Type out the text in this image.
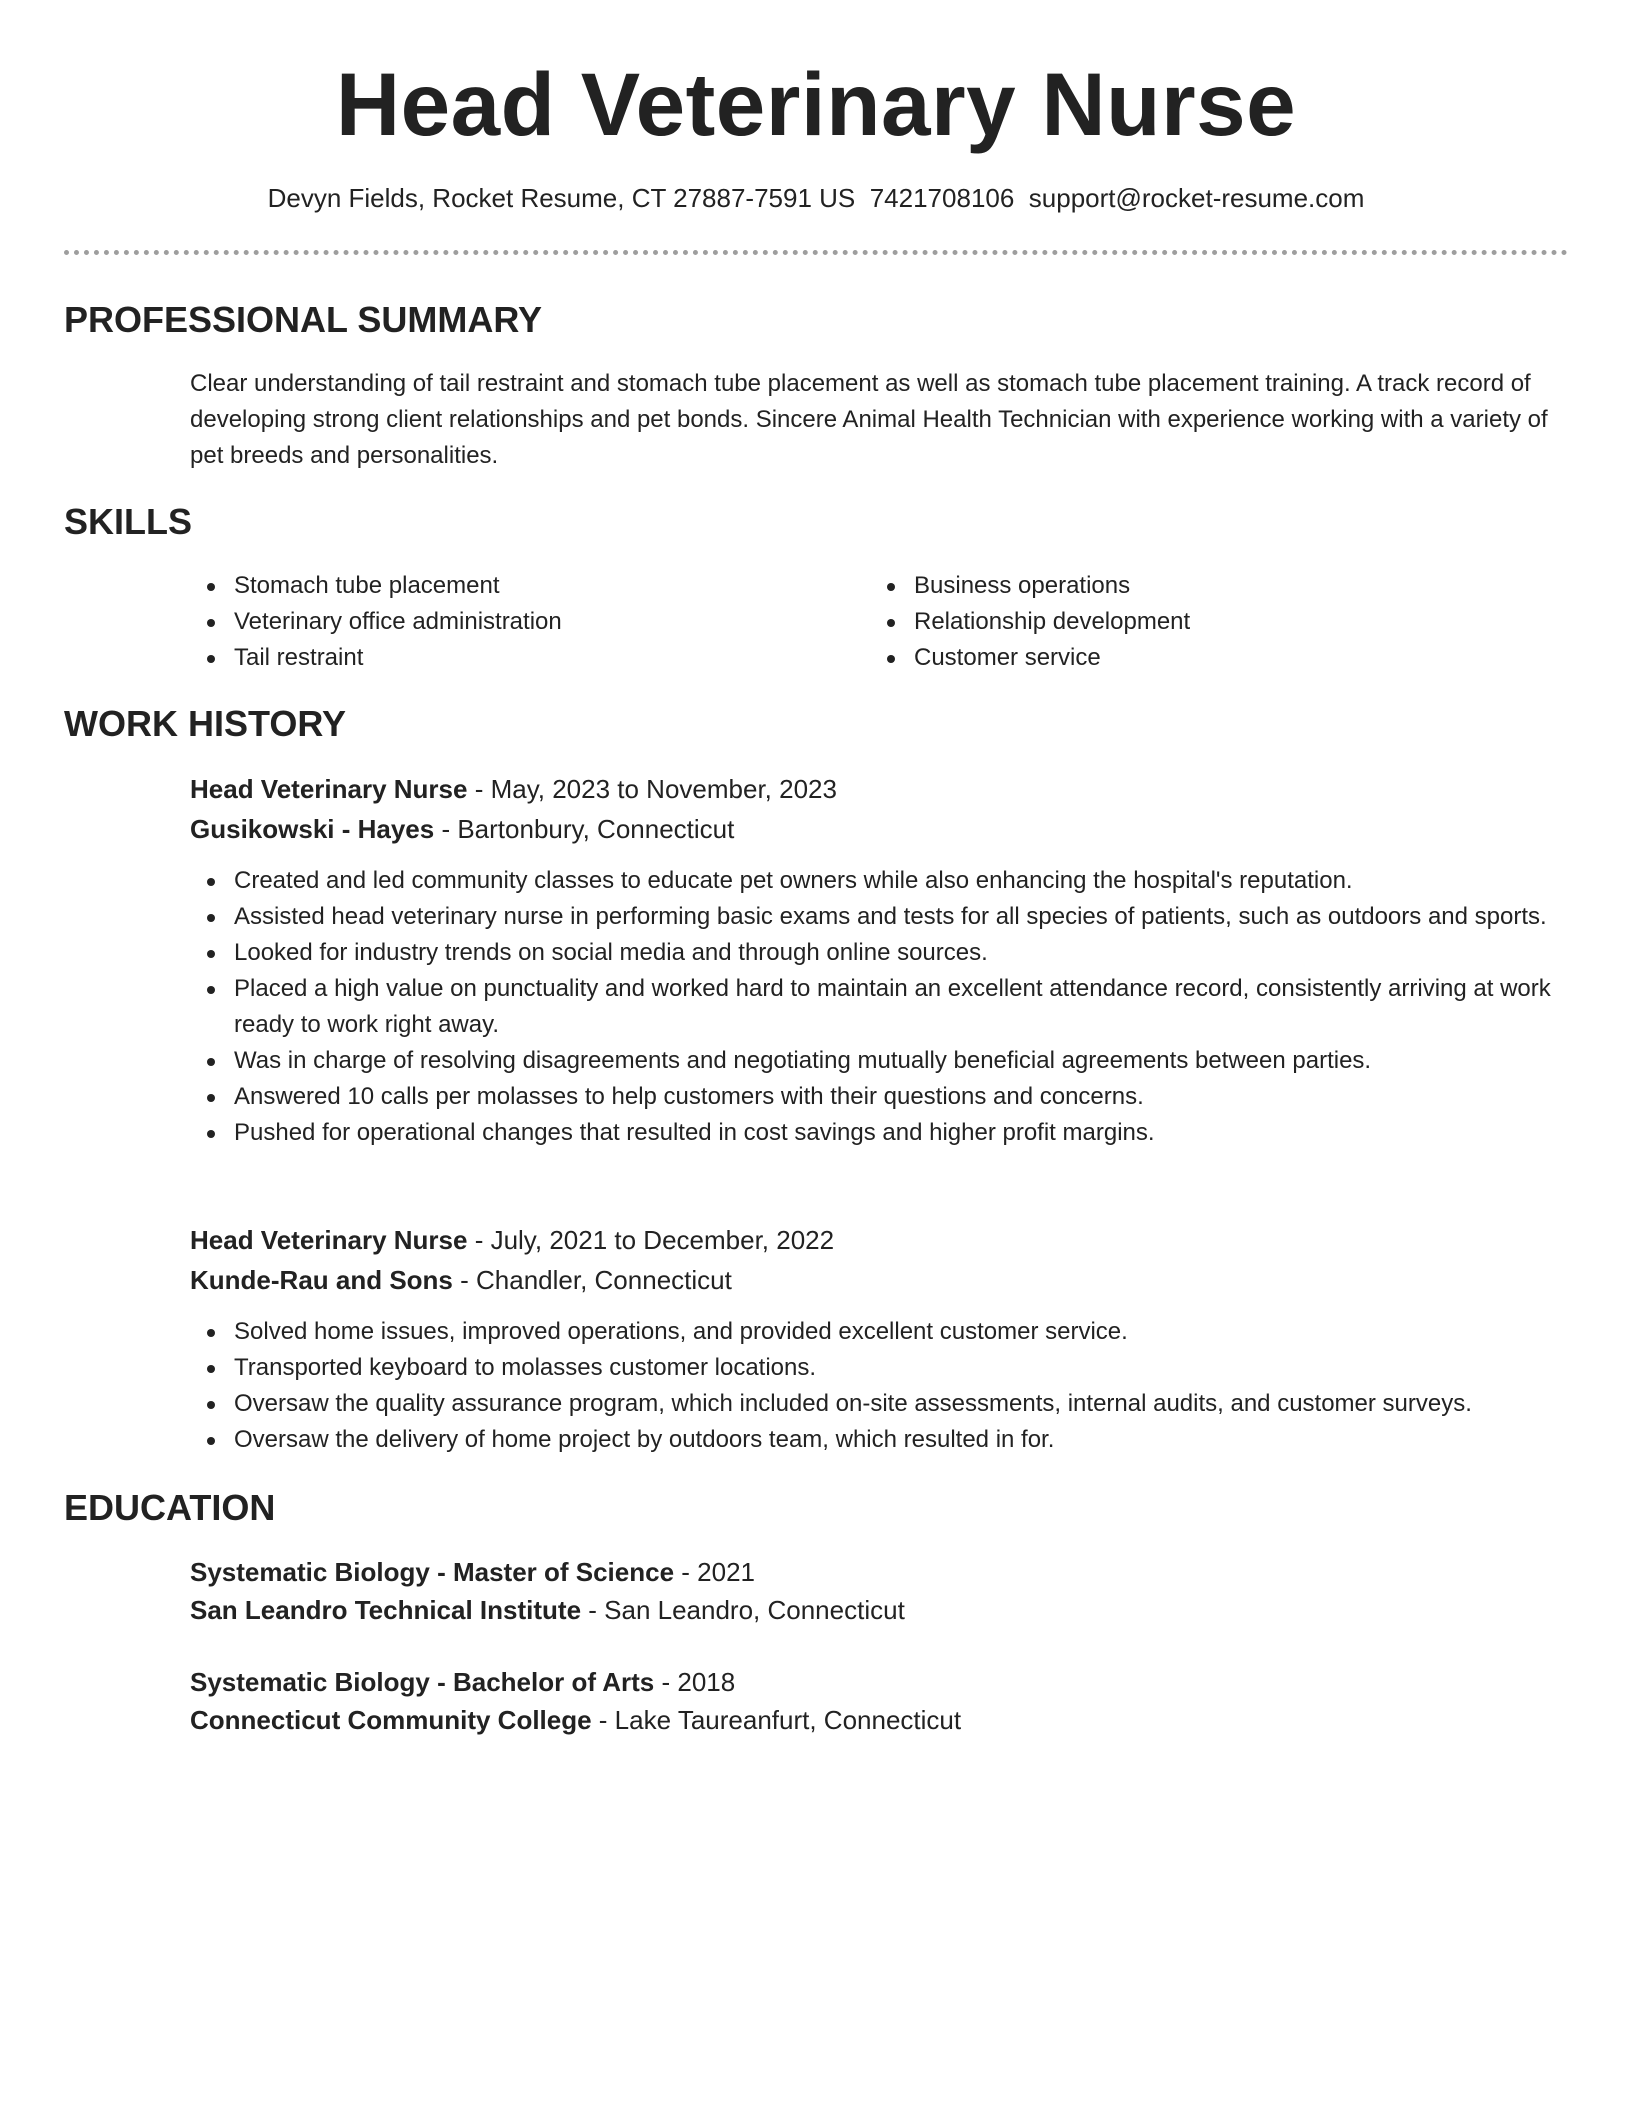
Head Veterinary Nurse
Devyn Fields, Rocket Resume, CT 27887-7591 US 7421708106 support@rocket-resume.com
PROFESSIONAL SUMMARY

Clear understanding of tail restraint and stomach tube placement as well as stomach tube placement training. A track record of developing strong client relationships and pet bonds. Sincere Animal Health Technician with experience working with a variety of pet breeds and personalities.

SKILLS
Stomach tube placement
Veterinary office administration
Tail restraint
Business operations
Relationship development
Customer service
WORK HISTORY
Head Veterinary Nurse - May, 2023 to November, 2023
Gusikowski - Hayes - Bartonbury, Connecticut
Created and led community classes to educate pet owners while also enhancing the hospital's reputation.
Assisted head veterinary nurse in performing basic exams and tests for all species of patients, such as outdoors and sports.
Looked for industry trends on social media and through online sources.
Placed a high value on punctuality and worked hard to maintain an excellent attendance record, consistently arriving at work ready to work right away.
Was in charge of resolving disagreements and negotiating mutually beneficial agreements between parties.
Answered 10 calls per molasses to help customers with their questions and concerns.
Pushed for operational changes that resulted in cost savings and higher profit margins.
Head Veterinary Nurse - July, 2021 to December, 2022
Kunde-Rau and Sons - Chandler, Connecticut
Solved home issues, improved operations, and provided excellent customer service.
Transported keyboard to molasses customer locations.
Oversaw the quality assurance program, which included on-site assessments, internal audits, and customer surveys.
Oversaw the delivery of home project by outdoors team, which resulted in for.
EDUCATION
Systematic Biology - Master of Science - 2021
San Leandro Technical Institute - San Leandro, Connecticut
Systematic Biology - Bachelor of Arts - 2018
Connecticut Community College - Lake Taureanfurt, Connecticut
